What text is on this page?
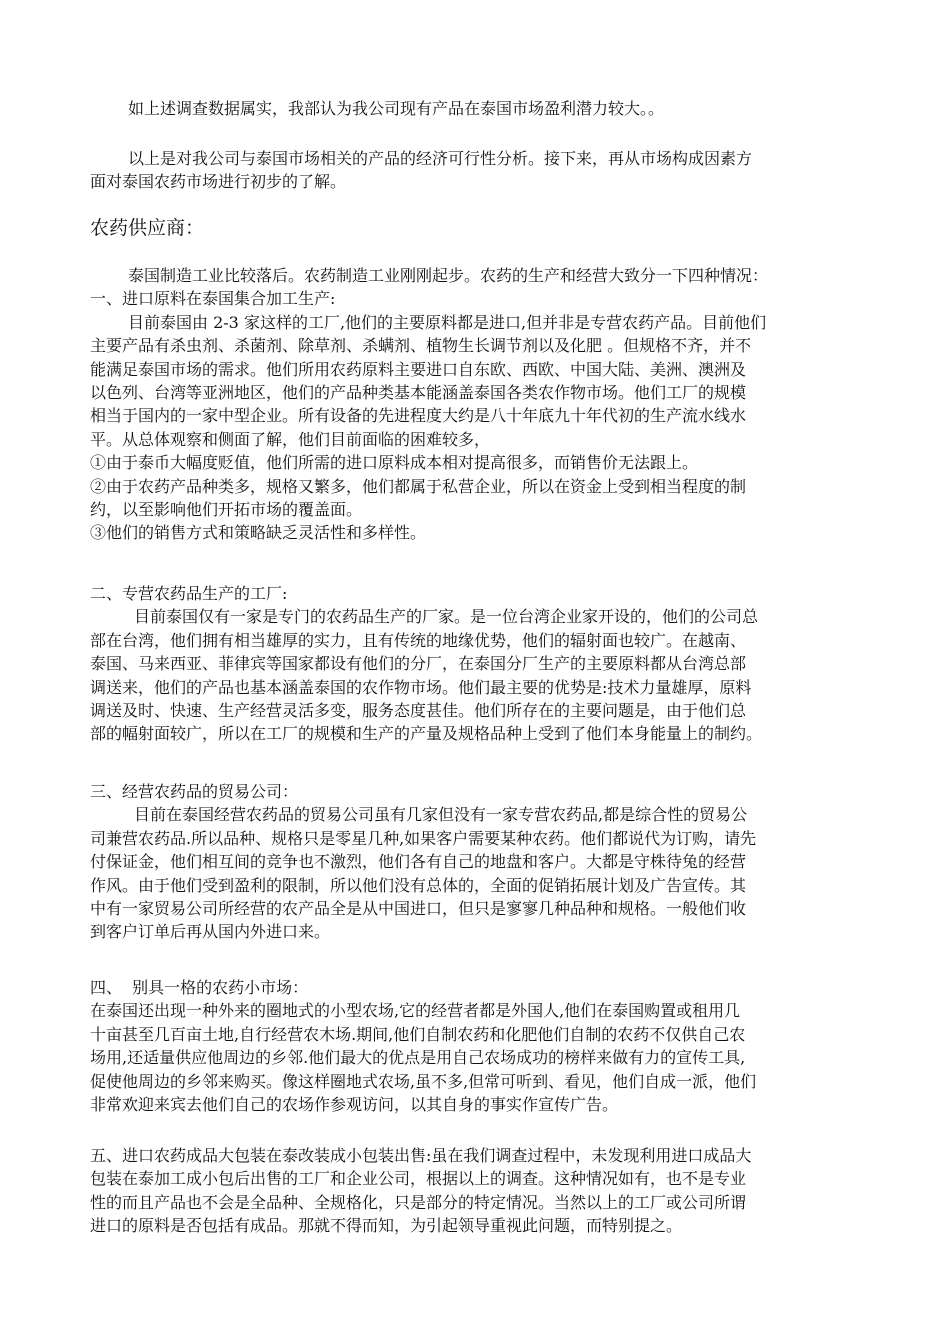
如上述调查数据属实，我部认为我公司现有产品在泰国市场盈利潜力较大。。
以上是对我公司与泰国市场相关的产品的经济可行性分析。接下来，再从市场构成因素方
面对泰国农药市场进行初步的了解。
农药供应商：
泰国制造工业比较落后。农药制造工业刚刚起步。农药的生产和经营大致分一下四种情况：
一、进口原料在泰国集合加工生产:
目前泰国由 2-3 家这样的工厂,他们的主要原料都是进口,但并非是专营农药产品。目前他们
主要产品有杀虫剂、杀菌剂、除草剂、杀螨剂、植物生长调节剂以及化肥 。但规格不齐，并不
能满足泰国市场的需求。他们所用农药原料主要进口自东欧、西欧、中国大陆、美洲、澳洲及
以色列、台湾等亚洲地区，他们的产品种类基本能涵盖泰国各类农作物市场。他们工厂的规模
相当于国内的一家中型企业。所有设备的先进程度大约是八十年底九十年代初的生产流水线水
平。从总体观察和侧面了解，他们目前面临的困难较多，
①由于泰币大幅度贬值，他们所需的进口原料成本相对提高很多，而销售价无法跟上。
②由于农药产品种类多，规格又繁多，他们都属于私营企业，所以在资金上受到相当程度的制
约，以至影响他们开拓市场的覆盖面。
③他们的销售方式和策略缺乏灵活性和多样性。
二、专营农药品生产的工厂:
目前泰国仅有一家是专门的农药品生产的厂家。是一位台湾企业家开设的，他们的公司总
部在台湾，他们拥有相当雄厚的实力，且有传统的地缘优势，他们的辐射面也较广。在越南、
泰国、马来西亚、菲律宾等国家都设有他们的分厂，在泰国分厂生产的主要原料都从台湾总部
调送来，他们的产品也基本涵盖泰国的农作物市场。他们最主要的优势是:技术力量雄厚，原料
调送及时、快速、生产经营灵活多变，服务态度甚佳。他们所存在的主要问题是，由于他们总
部的幅射面较广，所以在工厂的规模和生产的产量及规格品种上受到了他们本身能量上的制约。
三、经营农药品的贸易公司：
目前在泰国经营农药品的贸易公司虽有几家但没有一家专营农药品,都是综合性的贸易公
司兼营农药品.所以品种、规格只是零星几种,如果客户需要某种农药。他们都说代为订购，请先
付保证金，他们相互间的竞争也不激烈，他们各有自己的地盘和客户。大都是守株待兔的经营
作风。由于他们受到盈利的限制，所以他们没有总体的，全面的促销拓展计划及广告宣传。其
中有一家贸易公司所经营的农产品全是从中国进口，但只是寥寥几种品种和规格。一般他们收
到客户订单后再从国内外进口来。
四、  别具一格的农药小市场：
在泰国还出现一种外来的圈地式的小型农场,它的经营者都是外国人,他们在泰国购置或租用几
十亩甚至几百亩土地,自行经营农木场.期间,他们自制农药和化肥他们自制的农药不仅供自己农
场用,还适量供应他周边的乡邻.他们最大的优点是用自己农场成功的榜样来做有力的宣传工具,
促使他周边的乡邻来购买。像这样圈地式农场,虽不多,但常可听到、看见，他们自成一派，他们
非常欢迎来宾去他们自己的农场作参观访问，以其自身的事实作宣传广告。
五、进口农药成品大包装在泰改装成小包装出售:虽在我们调查过程中，未发现利用进口成品大
包装在泰加工成小包后出售的工厂和企业公司，根据以上的调查。这种情况如有，也不是专业
性的而且产品也不会是全品种、全规格化，只是部分的特定情况。当然以上的工厂或公司所谓
进口的原料是否包括有成品。那就不得而知，为引起领导重视此问题，而特别提之。
